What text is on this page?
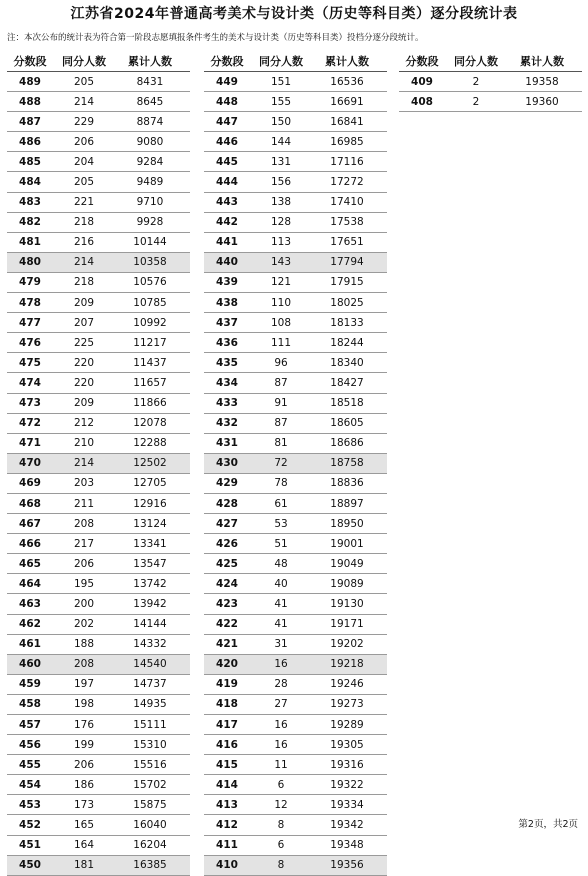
江苏省2024年普通高考美术与设计类（历史等科目类）逐分段统计表
注：本次公布的统计表为符合第一阶段志愿填报条件考生的美术与设计类（历史等科目类）投档分逐分段统计。
分数段	同分人数	累计人数
489	205	8431
488	214	8645
487	229	8874
486	206	9080
485	204	9284
484	205	9489
483	221	9710
482	218	9928
481	216	10144
480	214	10358
479	218	10576
478	209	10785
477	207	10992
476	225	11217
475	220	11437
474	220	11657
473	209	11866
472	212	12078
471	210	12288
470	214	12502
469	203	12705
468	211	12916
467	208	13124
466	217	13341
465	206	13547
464	195	13742
463	200	13942
462	202	14144
461	188	14332
460	208	14540
459	197	14737
458	198	14935
457	176	15111
456	199	15310
455	206	15516
454	186	15702
453	173	15875
452	165	16040
451	164	16204
450	181	16385
分数段	同分人数	累计人数
449	151	16536
448	155	16691
447	150	16841
446	144	16985
445	131	17116
444	156	17272
443	138	17410
442	128	17538
441	113	17651
440	143	17794
439	121	17915
438	110	18025
437	108	18133
436	111	18244
435	96	18340
434	87	18427
433	91	18518
432	87	18605
431	81	18686
430	72	18758
429	78	18836
428	61	18897
427	53	18950
426	51	19001
425	48	19049
424	40	19089
423	41	19130
422	41	19171
421	31	19202
420	16	19218
419	28	19246
418	27	19273
417	16	19289
416	16	19305
415	11	19316
414	6	19322
413	12	19334
412	8	19342
411	6	19348
410	8	19356
分数段	同分人数	累计人数
409	2	19358
408	2	19360
第2页，共2页
